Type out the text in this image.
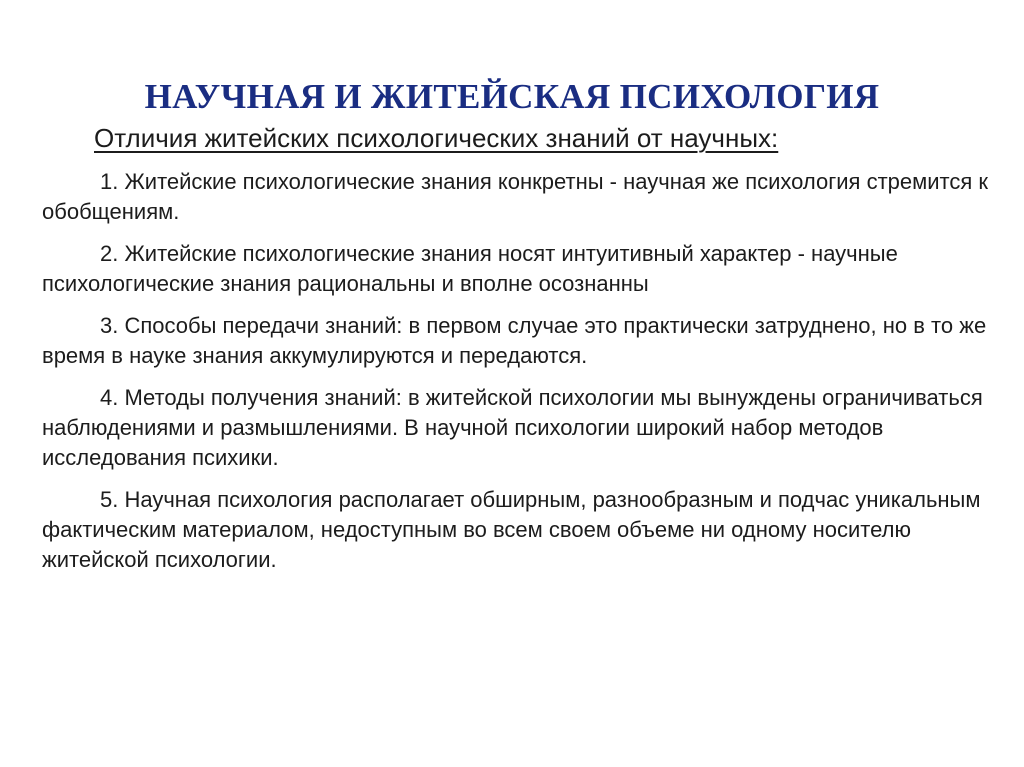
НАУЧНАЯ И ЖИТЕЙСКАЯ ПСИХОЛОГИЯ

Отличия житейских психологических знаний от научных:

1. Житейские психологические знания конкретны - научная же психология стремится к обобщениям.
2. Житейские психологические знания носят интуитивный характер - научные психологические знания рациональны и вполне осознанны
3. Способы передачи знаний: в первом случае это практически затруднено, но в то же время в науке знания аккумулируются и передаются.
4. Методы получения знаний: в житейской психологии мы вынуждены ограничиваться наблюдениями и размышлениями. В научной психологии широкий набор методов исследования психики.
5. Научная психология располагает обширным, разнообразным и подчас уникальным фактическим материалом, недоступным во всем своем объеме ни одному носителю житейской психологии.
